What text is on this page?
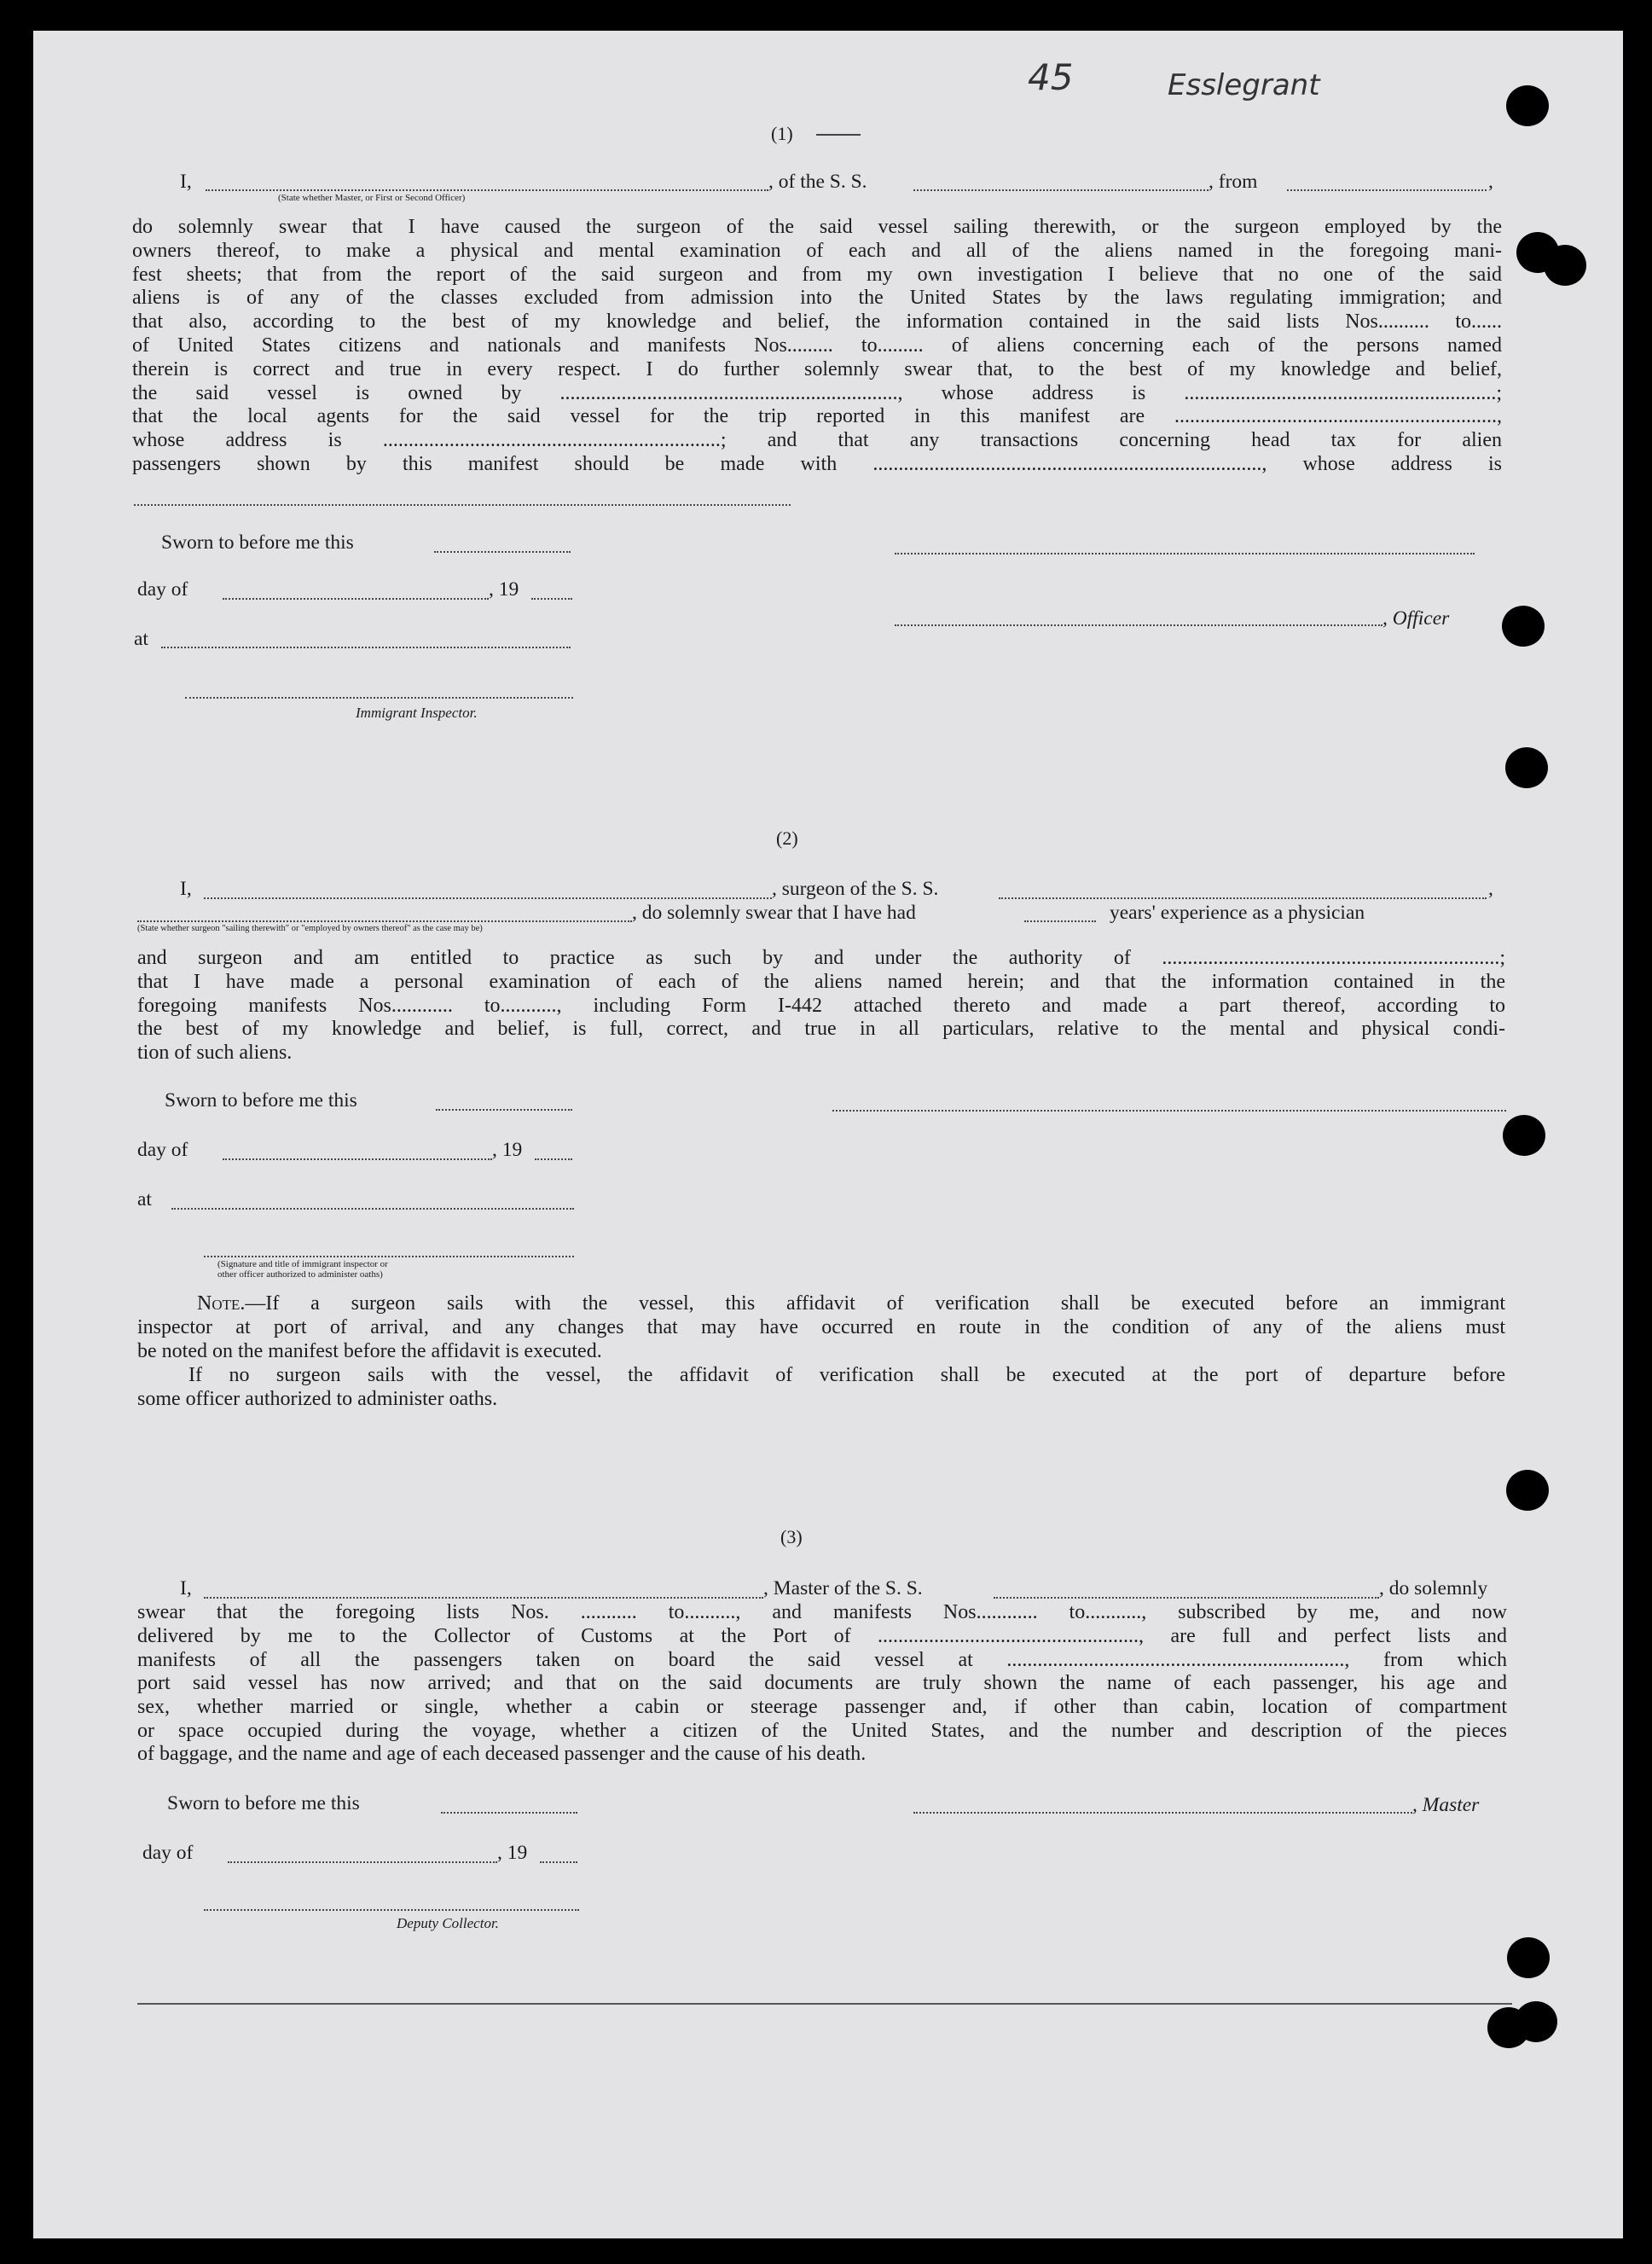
45	Esslegrant
(1)
I,
(State whether Master, or First or Second Officer)
, of the S. S.	, from	,
do solemnly swear that I have caused the surgeon of the said vessel sailing therewith, or the surgeon employed by the
owners thereof, to make a physical and mental examination of each and all of the aliens named in the foregoing mani-
fest sheets; that from the report of the said surgeon and from my own investigation I believe that no one of the said
aliens is of any of the classes excluded from admission into the United States by the laws regulating immigration; and
that also, according to the best of my knowledge and belief, the information contained in the said lists Nos.......... to......
of United States citizens and nationals and manifests Nos......... to......... of aliens concerning each of the persons named
therein is correct and true in every respect. I do further solemnly swear that, to the best of my knowledge and belief,
the said vessel is owned by .................................................................., whose address is .............................................................;
that the local agents for the said vessel for the trip reported in this manifest are ...............................................................,
whose address is ..................................................................; and that any transactions concerning head tax for alien
passengers shown by this manifest should be made with ............................................................................, whose address is
Sworn to before me this
day of	, 19
at
Immigrant Inspector.
, Officer
(2)
I,	, surgeon of the S. S.	,
, do solemnly swear that I have had	years' experience as a physician
(State whether surgeon "sailing therewith" or "employed by owners thereof" as the case may be)
and surgeon and am entitled to practice as such by and under the authority of ..................................................................;
that I have made a personal examination of each of the aliens named herein; and that the information contained in the
foregoing manifests Nos............ to..........., including Form I-442 attached thereto and made a part thereof, according to
the best of my knowledge and belief, is full, correct, and true in all particulars, relative to the mental and physical condi-
tion of such aliens.
Sworn to before me this
day of	, 19
at
(Signature and title of immigrant inspector or
other officer authorized to administer oaths)
Note.—If a surgeon sails with the vessel, this affidavit of verification shall be executed before an immigrant
inspector at port of arrival, and any changes that may have occurred en route in the condition of any of the aliens must
be noted on the manifest before the affidavit is executed.
If no surgeon sails with the vessel, the affidavit of verification shall be executed at the port of departure before
some officer authorized to administer oaths.
(3)
I,	, Master of the S. S.	, do solemnly
swear that the foregoing lists Nos. ........... to.........., and manifests Nos............ to..........., subscribed by me, and now
delivered by me to the Collector of Customs at the Port of ..................................................., are full and perfect lists and
manifests of all the passengers taken on board the said vessel at .................................................................., from which
port said vessel has now arrived; and that on the said documents are truly shown the name of each passenger, his age and
sex, whether married or single, whether a cabin or steerage passenger and, if other than cabin, location of compartment
or space occupied during the voyage, whether a citizen of the United States, and the number and description of the pieces
of baggage, and the name and age of each deceased passenger and the cause of his death.
Sworn to before me this	, Master
day of	, 19
Deputy Collector.
